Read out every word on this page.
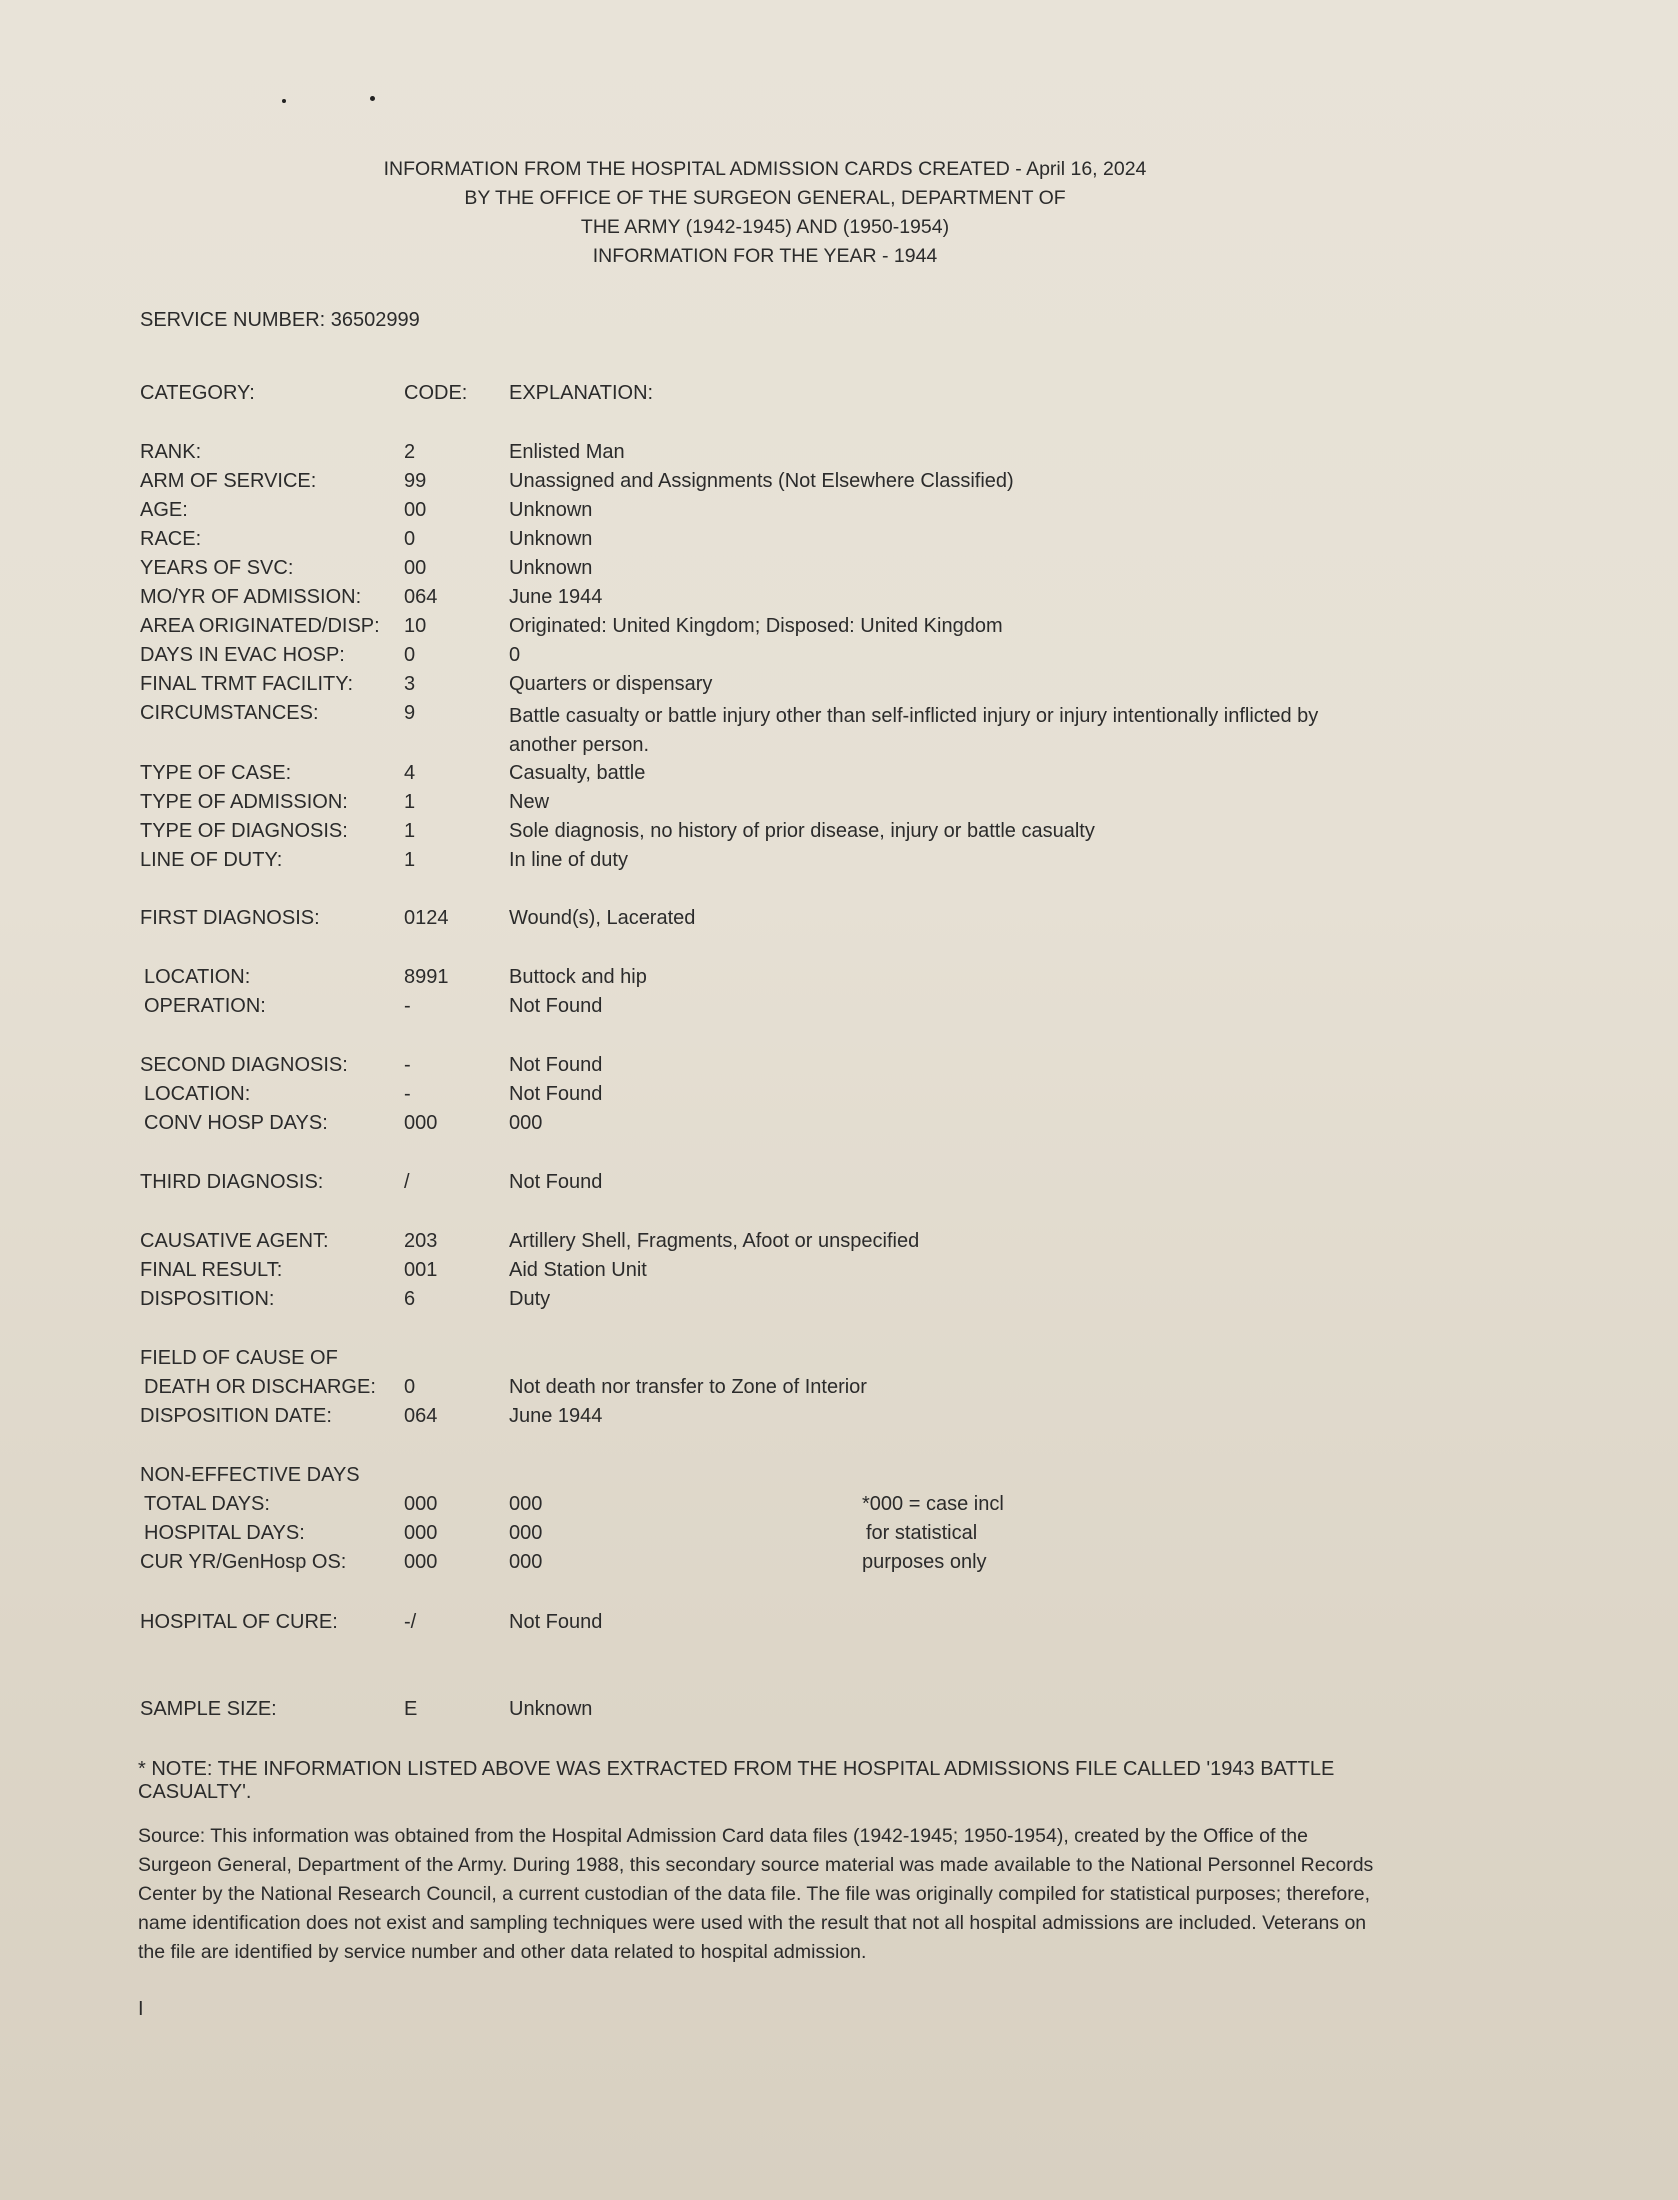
INFORMATION FROM THE HOSPITAL ADMISSION CARDS CREATED - April 16, 2024
BY THE OFFICE OF THE SURGEON GENERAL, DEPARTMENT OF
THE ARMY (1942-1945) AND (1950-1954)
INFORMATION FOR THE YEAR - 1944
SERVICE NUMBER: 36502999
CATEGORY:	CODE: EXPLANATION:
RANK:	2	Enlisted Man
ARM OF SERVICE:	99	Unassigned and Assignments (Not Elsewhere Classified)
AGE:	00	Unknown
RACE:	0	Unknown
YEARS OF SVC:	00	Unknown
MO/YR OF ADMISSION: 064	June 1944
AREA ORIGINATED/DISP: 10	Originated: United Kingdom; Disposed: United Kingdom
DAYS IN EVAC HOSP:	0	0
FINAL TRMT FACILITY:	3	Quarters or dispensary
CIRCUMSTANCES:	9	Battle casualty or battle injury other than self-inflicted injury or injury intentionally inflicted by another person.
TYPE OF CASE:	4	Casualty, battle
TYPE OF ADMISSION:	1	New
TYPE OF DIAGNOSIS:	1	Sole diagnosis, no history of prior disease, injury or battle casualty
LINE OF DUTY:	1	In line of duty
FIRST DIAGNOSIS:	0124	Wound(s), Lacerated
LOCATION:	8991	Buttock and hip
OPERATION:	-	Not Found
SECOND DIAGNOSIS:	-	Not Found
LOCATION:	-	Not Found
CONV HOSP DAYS:	000	000
THIRD DIAGNOSIS:	/	Not Found
CAUSATIVE AGENT:	203	Artillery Shell, Fragments, Afoot or unspecified
FINAL RESULT:	001	Aid Station Unit
DISPOSITION:	6	Duty
FIELD OF CAUSE OF
DEATH OR DISCHARGE: 0	Not death nor transfer to Zone of Interior
DISPOSITION DATE:	064	June 1944
NON-EFFECTIVE DAYS
TOTAL DAYS:	000	000	*000 = case incl
HOSPITAL DAYS:	000	000	for statistical
CUR YR/GenHosp OS:	000	000	purposes only
HOSPITAL OF CURE:	-/	Not Found
SAMPLE SIZE:	E	Unknown
* NOTE: THE INFORMATION LISTED ABOVE WAS EXTRACTED FROM THE HOSPITAL ADMISSIONS FILE CALLED '1943 BATTLE CASUALTY'.
Source: This information was obtained from the Hospital Admission Card data files (1942-1945; 1950-1954), created by the Office of the Surgeon General, Department of the Army. During 1988, this secondary source material was made available to the National Personnel Records Center by the National Research Council, a current custodian of the data file. The file was originally compiled for statistical purposes; therefore, name identification does not exist and sampling techniques were used with the result that not all hospital admissions are included. Veterans on the file are identified by service number and other data related to hospital admission.
I
